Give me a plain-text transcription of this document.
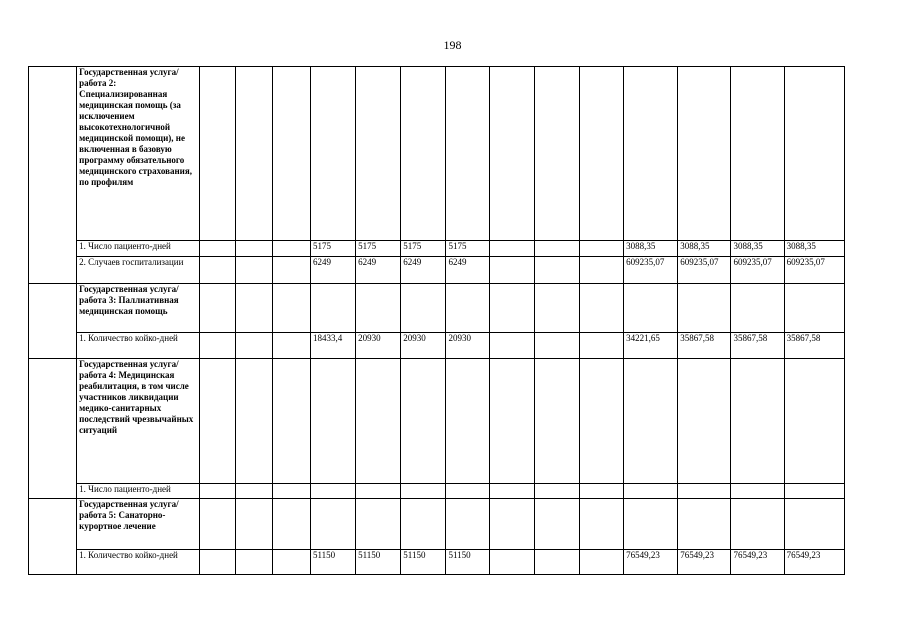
198
	Государственная услуга/работа 2: Специализированная медицинская помощь (за исключением высокотехнологичной медицинской помощи), не включенная в базовую программу обязательного медицинского страхования, по профилям														
	1. Число пациенто-дней				5175	5175	5175	5175				3088,35	3088,35	3088,35	3088,35
	2. Случаев госпитализации				6249	6249	6249	6249				609235,07	609235,07	609235,07	609235,07
	Государственная услуга/работа 3: Паллиативная медицинская помощь														
	1. Количество койко-дней				18433,4	20930	20930	20930				34221,65	35867,58	35867,58	35867,58
	Государственная услуга/работа 4: Медицинская реабилитация, в том числе участников ликвидации медико-санитарных последствий чрезвычайных ситуаций														
	1. Число пациенто-дней														
	Государственная услуга/работа 5: Санаторно-курортное лечение														
	1. Количество койко-дней				51150	51150	51150	51150				76549,23	76549,23	76549,23	76549,23
